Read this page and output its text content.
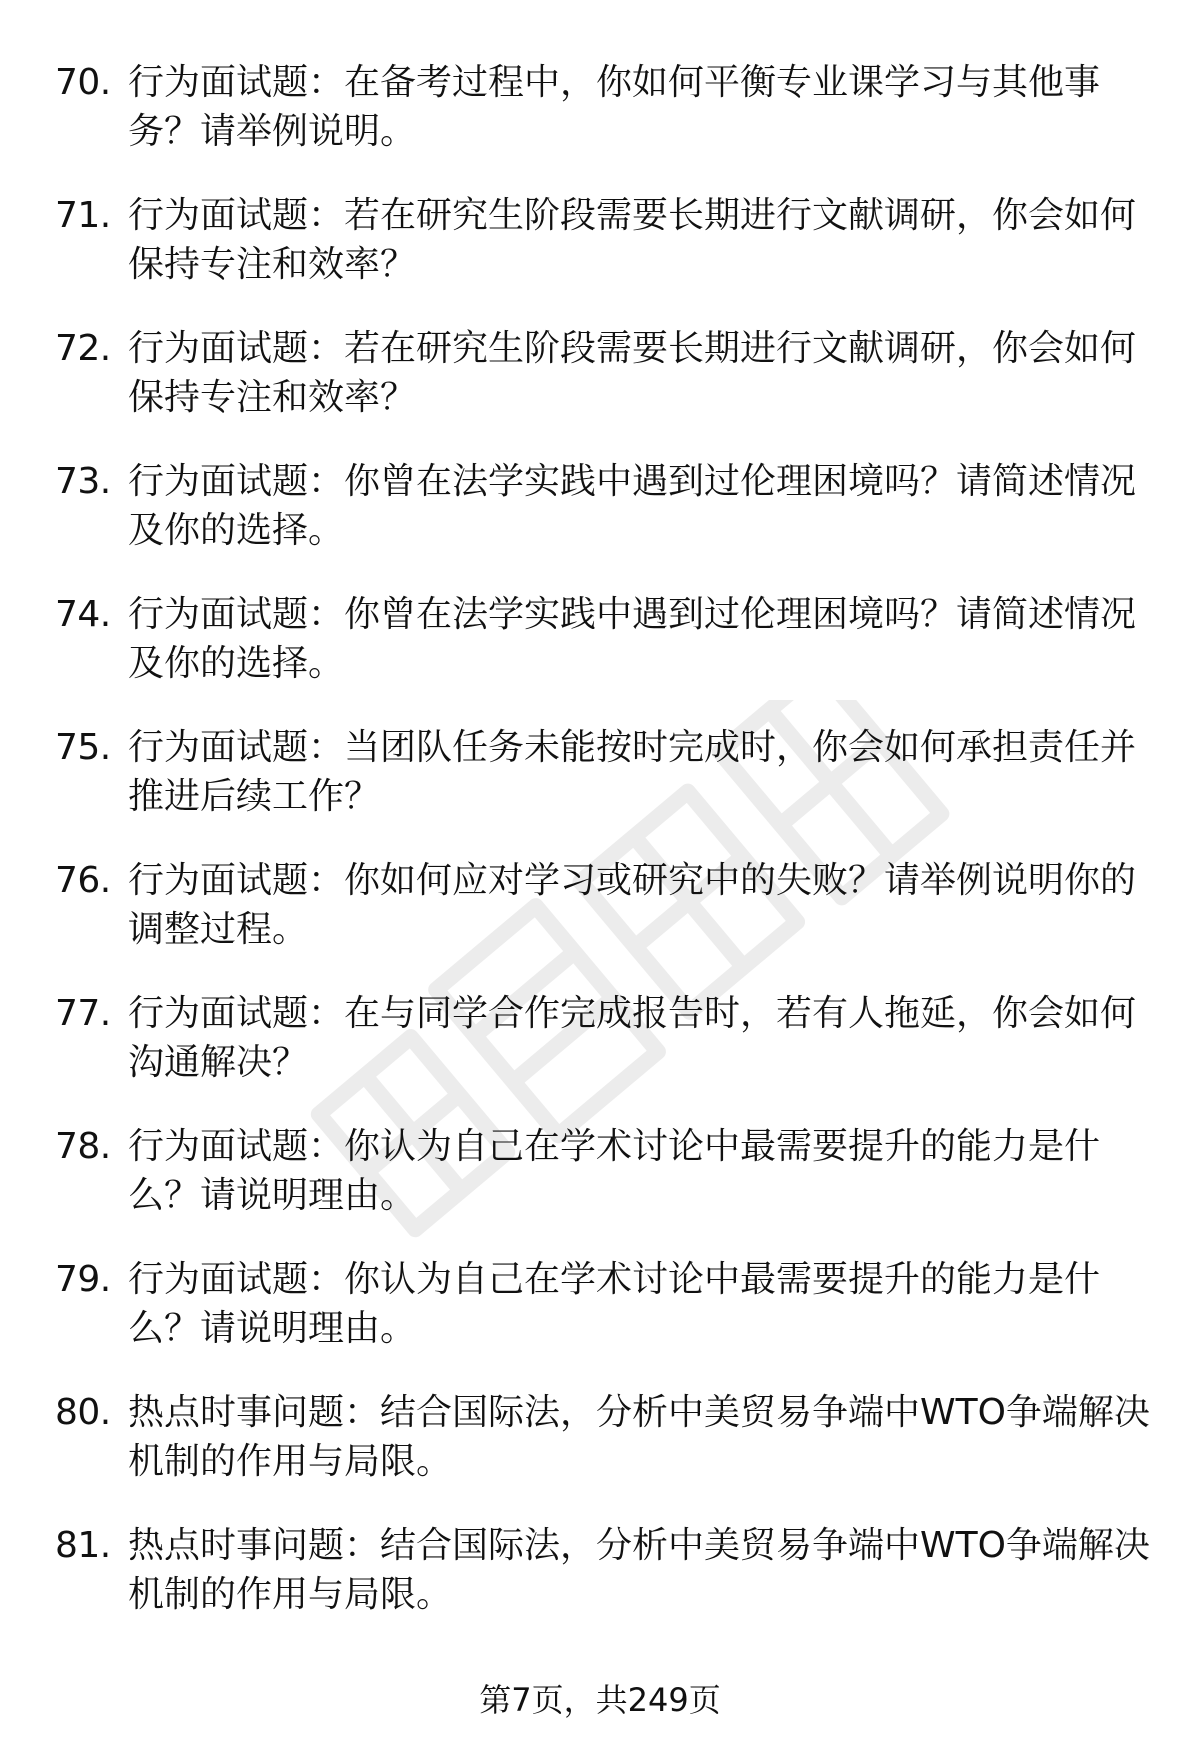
70. 行为面试题：在备考过程中，你如何平衡专业课学习与其他事务？请举例说明。
71. 行为面试题：若在研究生阶段需要长期进行文献调研，你会如何保持专注和效率？
72. 行为面试题：若在研究生阶段需要长期进行文献调研，你会如何保持专注和效率？
73. 行为面试题：你曾在法学实践中遇到过伦理困境吗？请简述情况及你的选择。
74. 行为面试题：你曾在法学实践中遇到过伦理困境吗？请简述情况及你的选择。
75. 行为面试题：当团队任务未能按时完成时，你会如何承担责任并推进后续工作？
76. 行为面试题：你如何应对学习或研究中的失败？请举例说明你的调整过程。
77. 行为面试题：在与同学合作完成报告时，若有人拖延，你会如何沟通解决？
78. 行为面试题：你认为自己在学术讨论中最需要提升的能力是什么？请说明理由。
79. 行为面试题：你认为自己在学术讨论中最需要提升的能力是什么？请说明理由。
80. 热点时事问题：结合国际法，分析中美贸易争端中WTO争端解决机制的作用与局限。
81. 热点时事问题：结合国际法，分析中美贸易争端中WTO争端解决机制的作用与局限。
第7页，共249页
